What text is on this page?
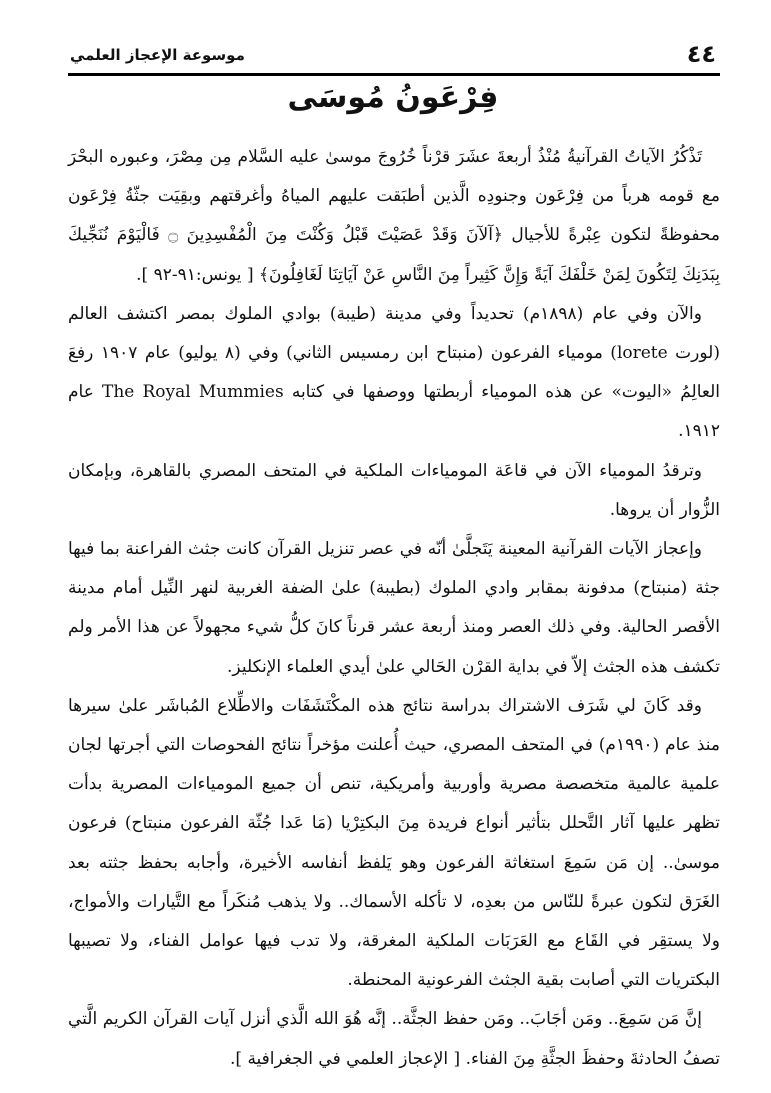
٤٤
موسوعة الإعجاز العلمي
فِرْعَونُ مُوسَى

تَذْكُرُ الآياتُ القرآنيةُ مُنْذُ أربعةَ عشَرَ قرْناً خُرُوجَ موسىٰ عليه السَّلام مِن مِصْرَ، وعبوره البحْرَ مع قومه هرباً من فِرْعَون وجنودِه الَّذين أطبَقت عليهم المياهُ وأغرقتهم وبقِيَت جثّةُ فِرْعَون محفوظةً لتكون عِبْرةً للأجيال ﴿آلآنَ وَقَدْ عَصَيْتَ قَبْلُ وَكُنْتَ مِنَ الْمُفْسِدِينَ ۝ فَالْيَوْمَ نُنَجِّيكَ بِبَدَنِكَ لِتَكُونَ لِمَنْ خَلْفَكَ آيَةً وَإِنَّ كَثِيراً مِنَ النَّاسِ عَنْ آيَاتِنَا لَغَافِلُونَ﴾ [ يونس:٩١-٩٢ ].

والآن وفي عام (١٨٩٨م) تحديداً وفي مدينة (طيبة) بوادي الملوك بمصر اكتشف العالم (لورت lorete) مومياء الفرعون (منبتاح ابن رمسيس الثاني) وفي (٨ يوليو) عام ١٩٠٧ رفعَ العالِمُ «اليوت» عن هذه المومياء أربطتها ووصفها في كتابه The Royal Mummies عام ١٩١٢.

وترقدُ المومياء الآن في قاعَة المومياءات الملكية في المتحف المصري بالقاهرة، وبإمكان الزُّوار أن يروها.

وإعجاز الآيات القرآنية المعينة يَتَجلَّىٰ أنّه في عصر تنزيل القرآن كانت جثث الفراعنة بما فيها جثة (منبتاح) مدفونة بمقابر وادي الملوك (بطيبة) علىٰ الضفة الغربية لنهر النِّيل أمام مدينة الأقصر الحالية. وفي ذلك العصر ومنذ أربعة عشر قرناً كانَ كلُّ شيء مجهولاً عن هذا الأمر ولم تكشف هذه الجثث إلاّ في بداية القرْن الحَالي علىٰ أيدي العلماء الإنكليز.

وقد كَانَ لي شَرَف الاشتراك بدراسة نتائج هذه المكْتَشَفَات والاطِّلاع المُباشَر علىٰ سيرها منذ عام (١٩٩٠م) في المتحف المصري، حيث أُعلنت مؤخراً نتائج الفحوصات التي أجرتها لجان علمية عالمية متخصصة مصرية وأوربية وأمريكية، تنص أن جميع المومياءات المصرية بدأت تظهر عليها آثار التَّحلل بتأثير أنواع فريدة مِنَ البكتِرْيا (مَا عَدا جُثّة الفرعون منبتاح) فرعون موسىٰ.. إن مَن سَمِعَ استغاثة الفرعون وهو يَلفظ أنفاسه الأخيرة، وأجابه بحفظ جثته بعد الغَرَق لتكون عبرةً للنّاس من بعدِه، لا تأكله الأسماك.. ولا يذهب مُنكَراً مع التَّيارات والأمواج، ولا يستقِر في القَاع مع العَرَبَات الملكية المغرقة، ولا تدب فيها عوامل الفناء، ولا تصيبها البكتريات التي أصابت بقية الجثث الفرعونية المحنطة.

إنَّ مَن سَمِعَ.. ومَن أجَابَ.. ومَن حفظ الجثَّة.. إنَّه هُوَ الله الَّذي أنزل آيات القرآن الكريم الَّتي تصفُ الحادثةَ وحفظَ الجثَّةِ مِنَ الفناء. [ الإعجاز العلمي في الجغرافية ].
